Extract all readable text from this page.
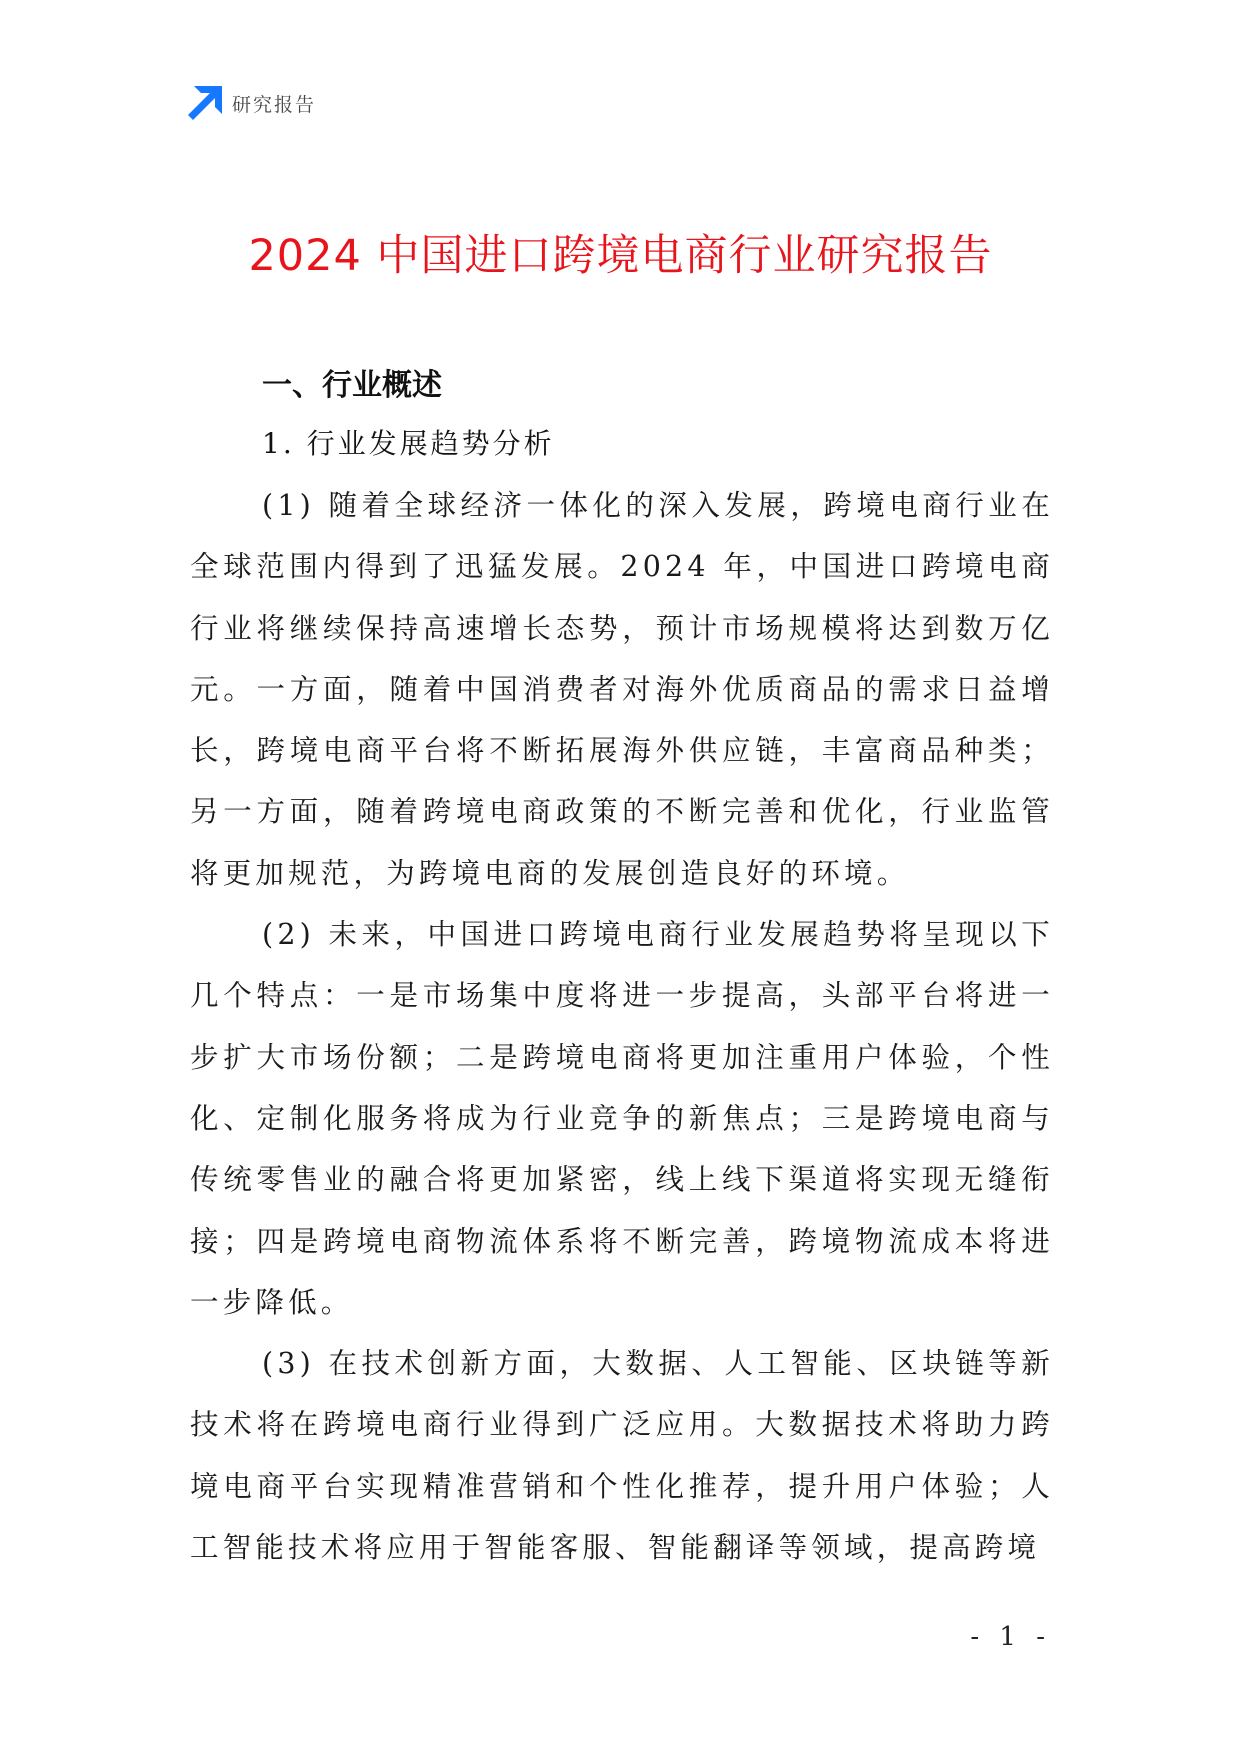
研究报告
2024 中国进口跨境电商行业研究报告
一、行业概述
1. 行业发展趋势分析

(1) 随着全球经济一体化的深入发展，跨境电商行业在全球范围内得到了迅猛发展。2024 年，中国进口跨境电商行业将继续保持高速增长态势，预计市场规模将达到数万亿元。一方面，随着中国消费者对海外优质商品的需求日益增长，跨境电商平台将不断拓展海外供应链，丰富商品种类；另一方面，随着跨境电商政策的不断完善和优化，行业监管将更加规范，为跨境电商的发展创造良好的环境。

(2) 未来，中国进口跨境电商行业发展趋势将呈现以下几个特点：一是市场集中度将进一步提高，头部平台将进一步扩大市场份额；二是跨境电商将更加注重用户体验，个性化、定制化服务将成为行业竞争的新焦点；三是跨境电商与传统零售业的融合将更加紧密，线上线下渠道将实现无缝衔接；四是跨境电商物流体系将不断完善，跨境物流成本将进一步降低。

(3) 在技术创新方面，大数据、人工智能、区块链等新技术将在跨境电商行业得到广泛应用。大数据技术将助力跨境电商平台实现精准营销和个性化推荐，提升用户体验；人工智能技术将应用于智能客服、智能翻译等领域，提高跨境

- 1 -
